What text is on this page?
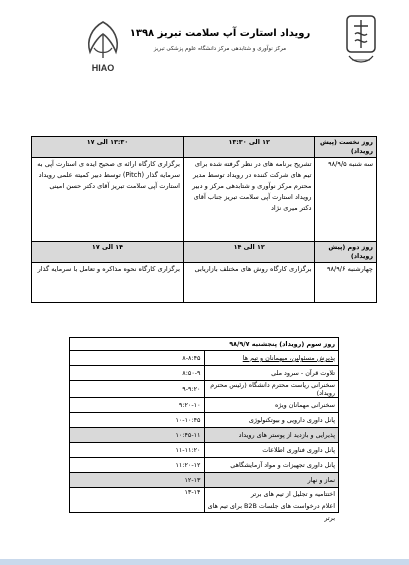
HIAO
رویداد استارت آپ سلامت تبریز ۱۳۹۸
مرکز نوآوری و شتابدهی مرکز دانشگاه علوم پزشکی تبریز
روز نخست (پیش رویداد)	۱۲ الی ۱۳:۳۰	۱۳:۳۰ الی ۱۷
سه شنبه ۹۸/۹/۵	تشریح برنامه های در نظر گرفته شده برای تیم های شرکت کننده در رویداد توسط مدیر محترم مرکز نوآوری و شتابدهی مرکز و دبیر رویداد استارت آپی سلامت تبریز جناب آقای دکتر میری نژاد	برگزاری کارگاه ارائه ی صحیح ایده ی استارت آپی به سرمایه گذار (Pitch) توسط دبیر کمیته علمی رویداد استارت آپی سلامت تبریز آقای دکتر حسن امینی
روز دوم (پیش رویداد)	۱۲ الی ۱۴	۱۴ الی ۱۷
چهارشنبه ۹۸/۹/۶	برگزاری کارگاه روش های مختلف بازاریابی	برگزاری کارگاه نحوه مذاکره و تعامل با سرمایه گذار
روز سوم (رویداد) پنجشنبه ۹۸/۹/۷	
پذیرش مسئولین، میهمانان و تیم ها	۸-۸:۴۵
تلاوت قرآن - سرود ملی	۸:۵۰-۹
سخنرانی ریاست محترم دانشگاه (رئیس محترم رویداد)	۹-۹:۲۰
سخنرانی مهمانان ویژه	۹:۲۰-۱۰
پانل داوری دارویی و بیوتکنولوژی	۱۰-۱۰:۴۵
پذیرایی و بازدید از پوستر های رویداد	۱۰:۴۵-۱۱
پانل داوری فناوری اطلاعات	۱۱-۱۱:۲۰
پانل داوری تجهیزات و مواد آزمایشگاهی	۱۱:۲۰-۱۲
نماز و نهار	۱۲-۱۳

اختتامیه و تجلیل از تیم های برتر
اعلام درخواست های جلسات B2B برای تیم های برتر	۱۳-۱۴
